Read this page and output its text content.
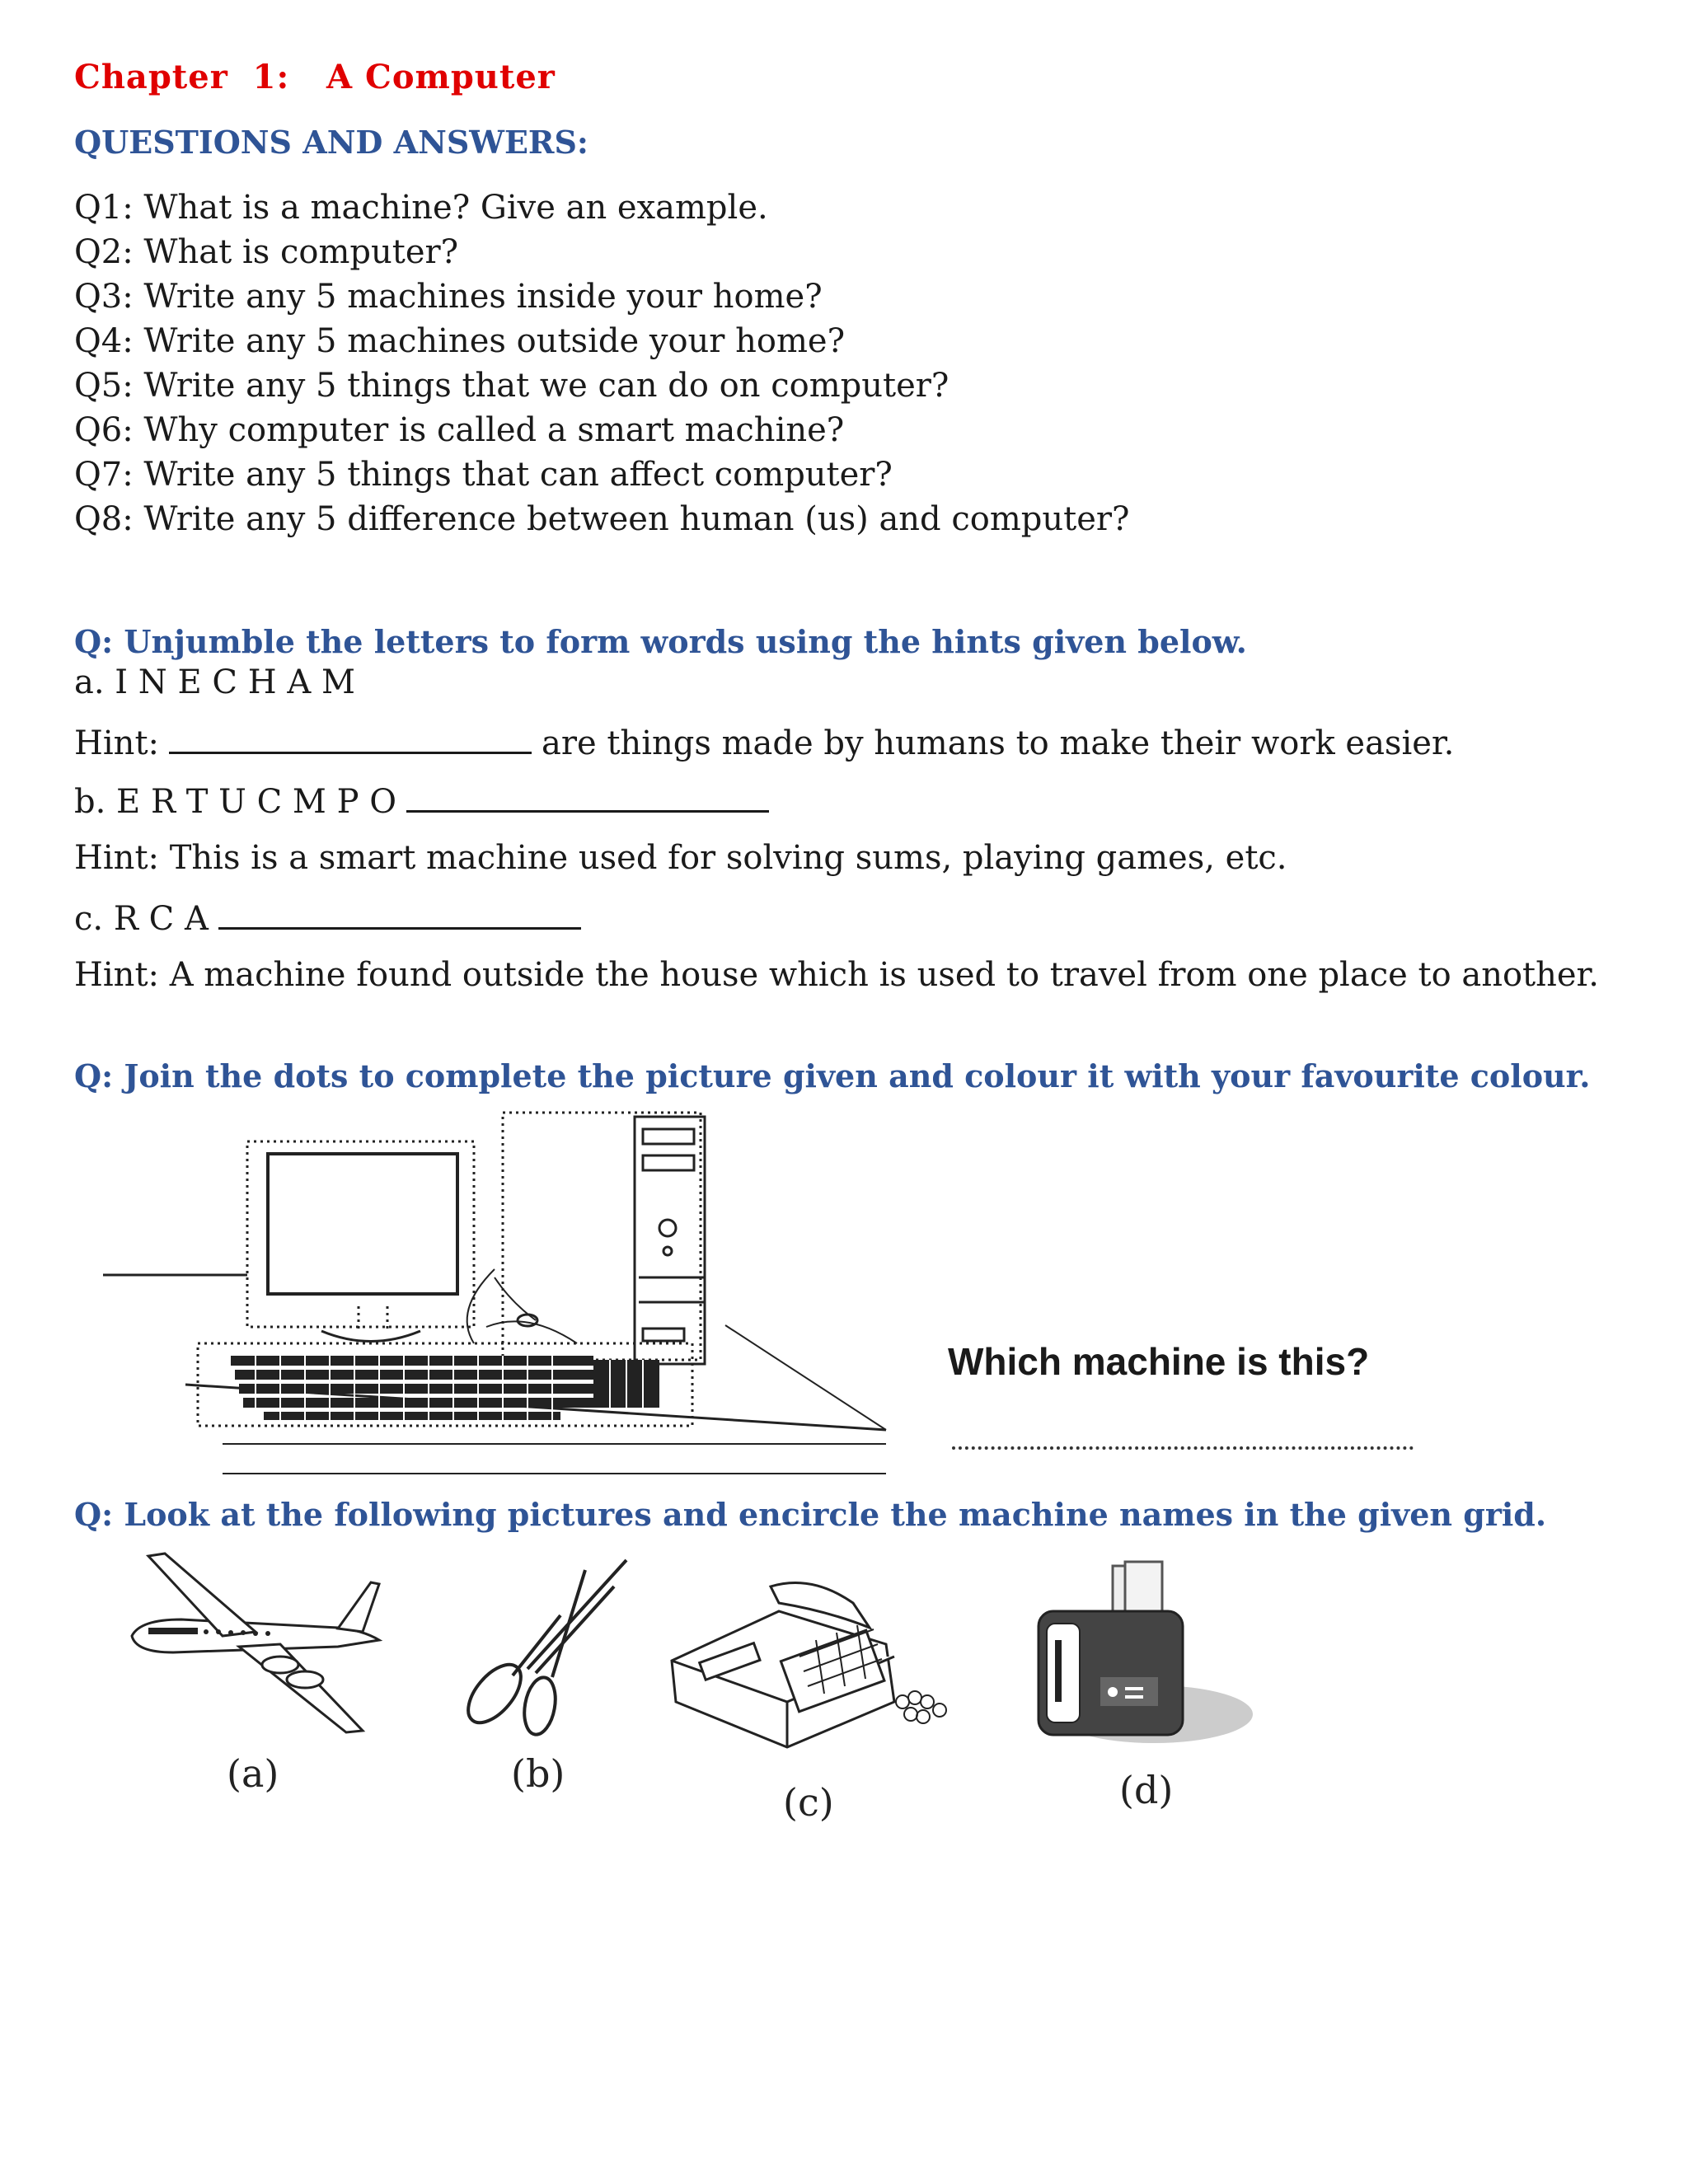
Chapter  1:   A Computer
QUESTIONS AND ANSWERS:
Q1: What is a machine? Give an example.
Q2: What is computer?
Q3: Write any 5 machines inside your home?
Q4: Write any 5 machines outside your home?
Q5: Write any 5 things that we can do on computer?
Q6: Why computer is called a smart machine?
Q7: Write any 5 things that can affect computer?
Q8: Write any 5 difference between human (us) and computer?
Q: Unjumble the letters to form words using the hints given below.
a. I N E C H A M
Hint:	are things made by humans to make their work easier.
b. E R T U C M P O
Hint: This is a smart machine used for solving sums, playing games, etc.
c. R C A
Hint: A machine found outside the house which is used to travel from one place to another.
Q: Join the dots to complete the picture given and colour it with your favourite colour.
Which machine is this?
Q: Look at the following pictures and encircle the machine names in the given grid.
(a)	(b)
(c)	(d)
